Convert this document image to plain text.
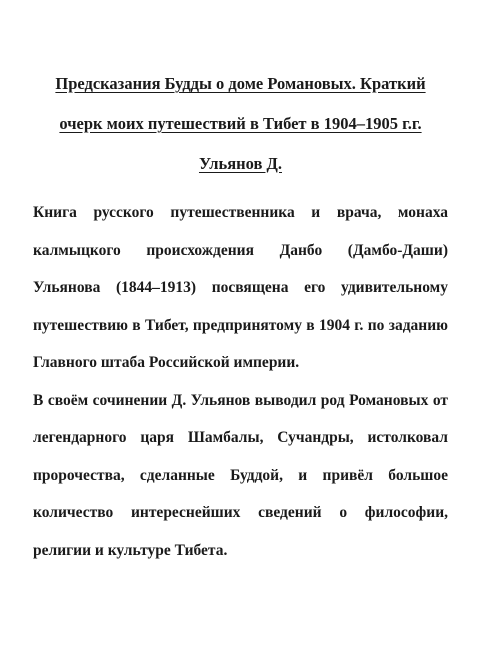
Предсказания Будды о доме Романовых. Краткий очерк моих путешествий в Тибет в 1904–1905 г.г.
Ульянов Д.

Книга русского путешественника и врача, монаха калмыцкого происхождения Данбо (Дамбо-Даши) Ульянова (1844–1913) посвящена его удивительному путешествию в Тибет, предпринятому в 1904 г. по заданию Главного штаба Российской империи.

В своём сочинении Д. Ульянов выводил род Романовых от легендарного царя Шамбалы, Сучандры, истолковал пророчества, сделанные Буддой, и привёл большое количество интереснейших сведений о философии, религии и культуре Тибета.
